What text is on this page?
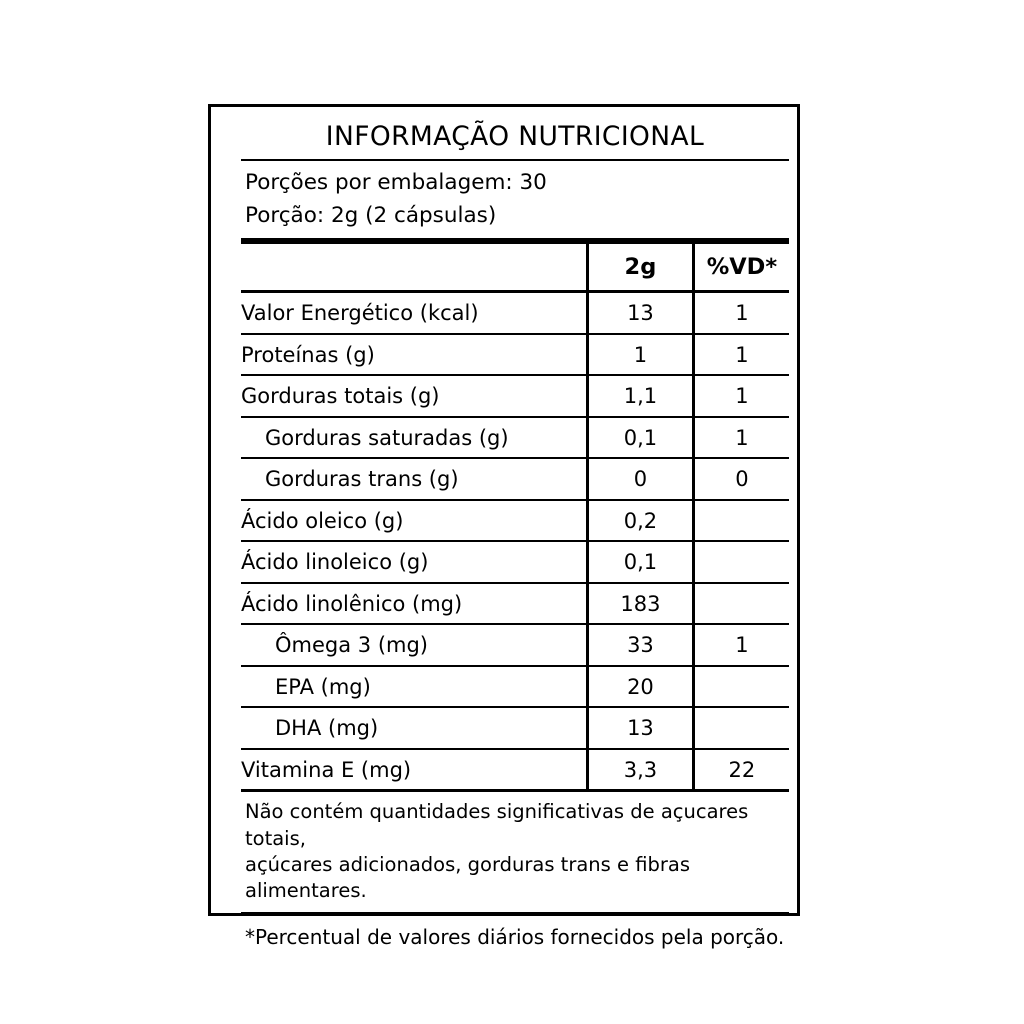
INFORMAÇÃO NUTRICIONAL
Porções por embalagem: 30
Porção: 2g (2 cápsulas)
	2g	%VD*
Valor Energético (kcal)	13	1
Proteínas (g)	1	1
Gorduras totais (g)	1,1	1
Gorduras saturadas (g)	0,1	1
Gorduras trans (g)	0	0
Ácido oleico (g)	0,2	
Ácido linoleico (g)	0,1	
Ácido linolênico (mg)	183	
Ômega 3 (mg)	33	1
EPA (mg)	20	
DHA (mg)	13	
Vitamina E (mg)	3,3	22
Não contém quantidades significativas de açucares totais,
açúcares adicionados, gorduras trans e fibras alimentares.
*Percentual de valores diários fornecidos pela porção.
